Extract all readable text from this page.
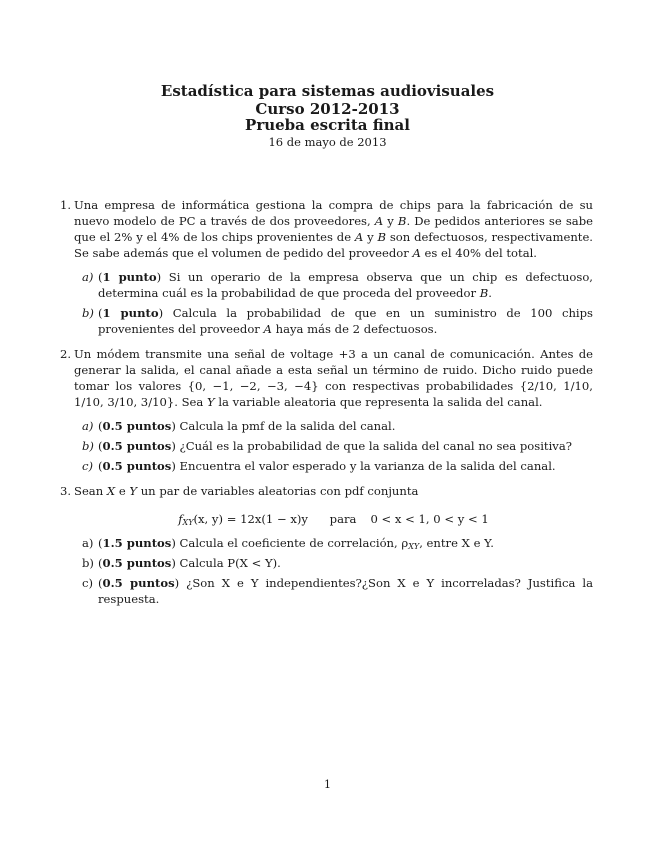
Estadística para sistemas audiovisuales
Curso 2012-2013
Prueba escrita final
16 de mayo de 2013
1. Una empresa de informática gestiona la compra de chips para la fabricación de su nuevo modelo de PC a través de dos proveedores, A y B. De pedidos anteriores se sabe que el 2% y el 4% de los chips provenientes de A y B son defectuosos, respectivamente. Se sabe además que el volumen de pedido del proveedor A es el 40% del total.
a) (1 punto) Si un operario de la empresa observa que un chip es defectuoso, determina cuál es la probabilidad de que proceda del proveedor B.
b) (1 punto) Calcula la probabilidad de que en un suministro de 100 chips provenientes del proveedor A haya más de 2 defectuosos.
2. Un módem transmite una señal de voltage +3 a un canal de comunicación. Antes de generar la salida, el canal añade a esta señal un término de ruido. Dicho ruido puede tomar los valores {0, −1, −2, −3, −4} con respectivas probabilidades {2/10, 1/10, 1/10, 3/10, 3/10}. Sea Y la variable aleatoria que representa la salida del canal.
a) (0.5 puntos) Calcula la pmf de la salida del canal.
b) (0.5 puntos) ¿Cuál es la probabilidad de que la salida del canal no sea positiva?
c) (0.5 puntos) Encuentra el valor esperado y la varianza de la salida del canal.
3. Sean X e Y un par de variables aleatorias con pdf conjunta
$f_{XY}(x$, y) = 12x(1 − x)y para 0 < x < 1, 0 < y < 1
a) (1.5 puntos) Calcula el coeficiente de correlación, $\rho_{XY}$, entre X e Y.
b) (0.5 puntos) Calcula P(X < Y).
c) (0.5 puntos) ¿Son X e Y independientes?¿Son X e Y incorreladas? Justifica la respuesta.
1
